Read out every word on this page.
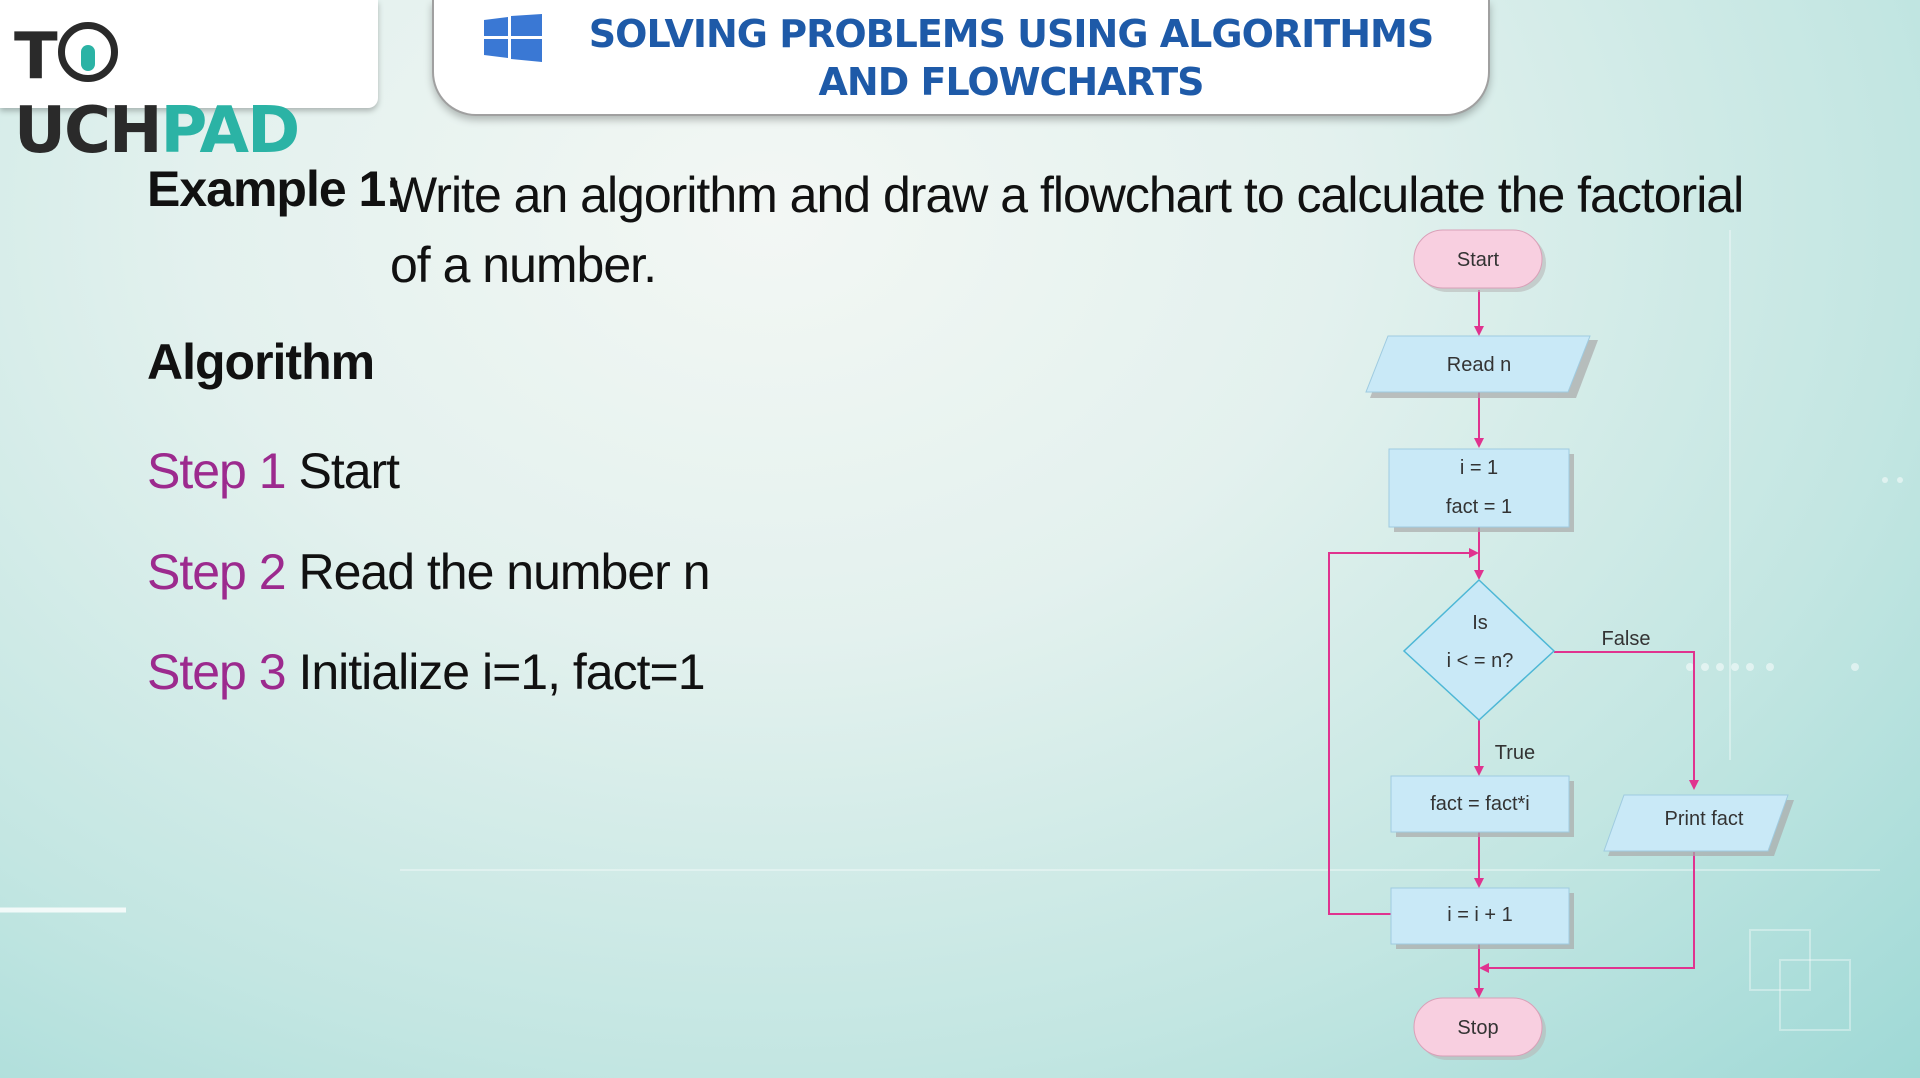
T
UCHPAD
SOLVING PROBLEMS USING ALGORITHMS
AND FLOWCHARTS
Example 1:
Write an algorithm and draw a flowchart to calculate the factorial of a number.
Algorithm
Step 1 Start
Step 2 Read the number n
Step 3 Initialize i=1, fact=1
Start
Read n
i = 1
fact = 1
Is
i < = n?
False
True
fact = fact*i
Print fact
i = i + 1
Stop
